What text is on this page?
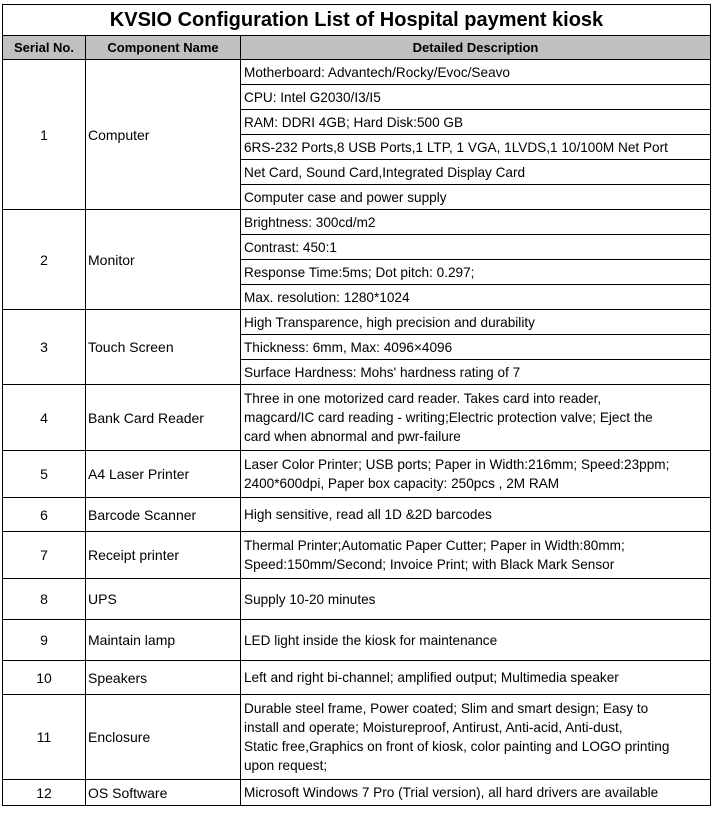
KVSIO Configuration List of Hospital payment kiosk		
Serial No.	Component Name	Detailed Description
1	Computer	Motherboard: Advantech/Rocky/Evoc/Seavo

		CPU: Intel G2030/I3/I5

		RAM: DDRI 4GB; Hard Disk:500 GB

		6RS-232 Ports,8 USB Ports,1 LTP, 1 VGA, 1LVDS,1 10/100M Net Port

		Net Card, Sound Card,Integrated Display Card

		Computer case and power supply

2	Monitor	Brightness: 300cd/m2

		Contrast: 450:1

		Response Time:5ms; Dot pitch: 0.297;

		Max. resolution: 1280*1024

3	Touch Screen	High Transparence, high precision and durability

		Thickness: 6mm, Max: 4096×4096

		Surface Hardness: Mohs' hardness rating of 7

4	Bank Card Reader	Three in one motorized card reader. Takes card into reader,
magcard/IC card reading - writing;Electric protection valve; Eject the
card when abnormal and pwr-failure

5	A4 Laser Printer	Laser Color Printer; USB ports; Paper in Width:216mm; Speed:23ppm;
2400*600dpi, Paper box capacity: 250pcs , 2M RAM

6	Barcode Scanner	High sensitive, read all 1D &2D barcodes

7	Receipt printer	Thermal Printer;Automatic Paper Cutter; Paper in Width:80mm;
Speed:150mm/Second; Invoice Print; with Black Mark Sensor

8	UPS	Supply 10-20 minutes

9	Maintain lamp	LED light inside the kiosk for maintenance

10	Speakers	Left and right bi-channel; amplified output; Multimedia speaker

11	Enclosure	Durable steel frame, Power coated; Slim and smart design; Easy to
install and operate; Moistureproof, Antirust, Anti-acid, Anti-dust,
Static free,Graphics on front of kiosk, color painting and LOGO printing
upon request;

12	OS Software	Microsoft Windows 7 Pro (Trial version), all hard drivers are available
